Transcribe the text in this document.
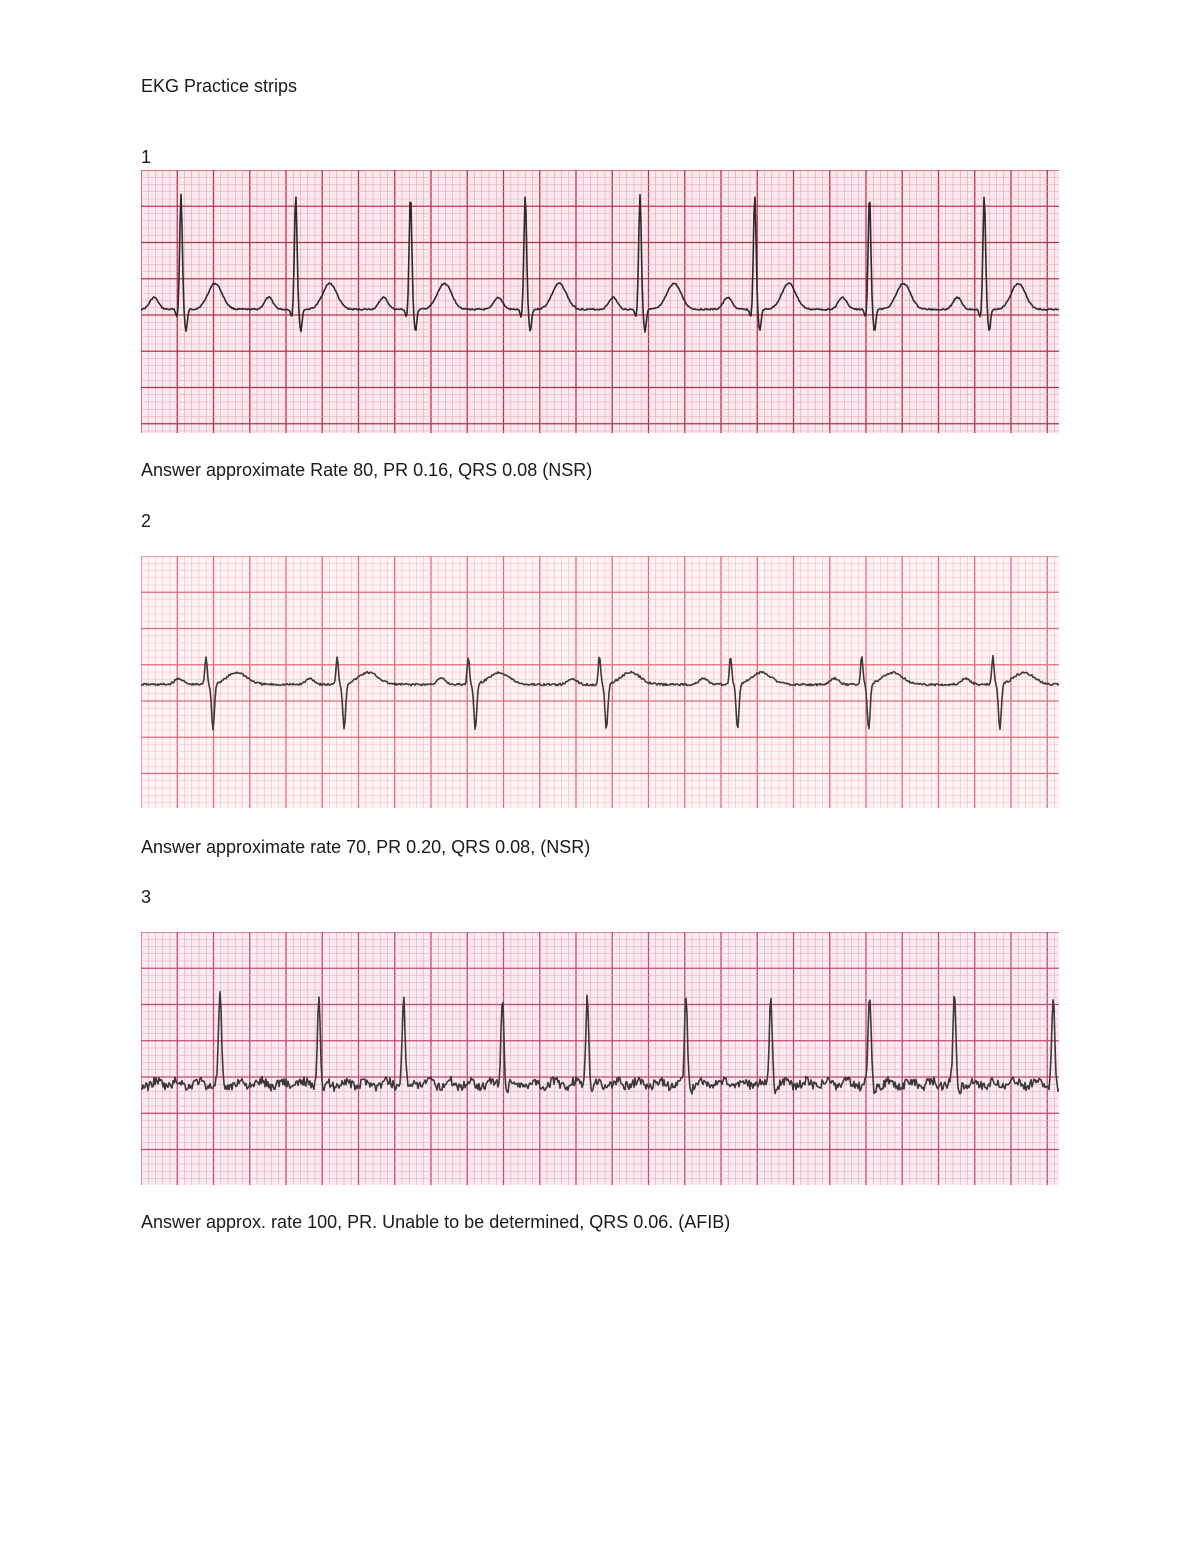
EKG Practice strips
1
Answer approximate Rate 80, PR 0.16, QRS 0.08 (NSR)
2
Answer approximate rate 70, PR 0.20, QRS 0.08, (NSR)
3
Answer approx. rate 100, PR. Unable to be determined, QRS 0.06. (AFIB)
